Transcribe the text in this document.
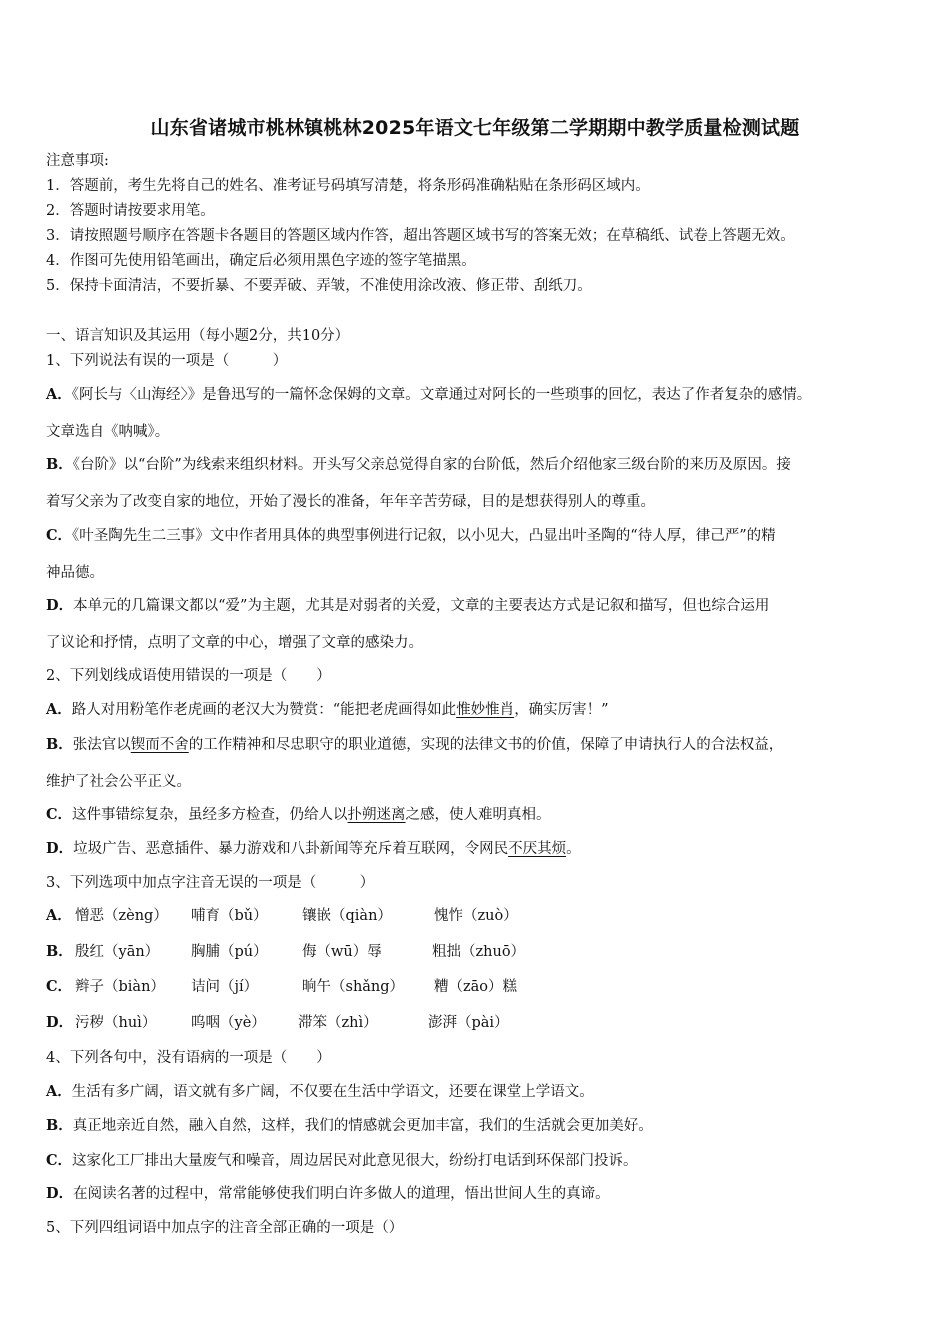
山东省诸城市桃林镇桃林2025年语文七年级第二学期期中教学质量检测试题
注意事项:
1．答题前，考生先将自己的姓名、准考证号码填写清楚，将条形码准确粘贴在条形码区域内。
2．答题时请按要求用笔。
3．请按照题号顺序在答题卡各题目的答题区域内作答，超出答题区域书写的答案无效；在草稿纸、试卷上答题无效。
4．作图可先使用铅笔画出，确定后必须用黑色字迹的签字笔描黑。
5．保持卡面清洁，不要折暴、不要弄破、弄皱，不准使用涂改液、修正带、刮纸刀。
一、语言知识及其运用（每小题2分，共10分）
1、下列说法有误的一项是（　　　）
A．《阿长与〈山海经〉》是鲁迅写的一篇怀念保姆的文章。文章通过对阿长的一些琐事的回忆，表达了作者复杂的感情。
文章选自《呐喊》。
B．《台阶》以“台阶”为线索来组织材料。开头写父亲总觉得自家的台阶低，然后介绍他家三级台阶的来历及原因。接
着写父亲为了改变自家的地位，开始了漫长的准备，年年辛苦劳碌，目的是想获得别人的尊重。
C．《叶圣陶先生二三事》文中作者用具体的典型事例进行记叙，以小见大，凸显出叶圣陶的“待人厚，律己严”的精
神品德。
D．本单元的几篇课文都以“爱”为主题，尤其是对弱者的关爱，文章的主要表达方式是记叙和描写，但也综合运用
了议论和抒情，点明了文章的中心，增强了文章的感染力。
2、下列划线成语使用错误的一项是（　　）
A．路人对用粉笔作老虎画的老汉大为赞赏：“能把老虎画得如此惟妙惟肖，确实厉害！”
B．张法官以锲而不舍的工作精神和尽忠职守的职业道德，实现的法律文书的价值，保障了申请执行人的合法权益，
维护了社会公平正义。
C．这件事错综复杂，虽经多方检查，仍给人以扑朔迷离之感，使人难明真相。
D．垃圾广告、恶意插件、暴力游戏和八卦新闻等充斥着互联网，令网民不厌其烦。
3、下列选项中加点字注音无误的一项是（　　　）
A． 憎恶（zèng） 哺育（bǔ） 镶嵌（qiàn）	愧怍（zuò）
B． 殷红（yān） 胸脯（pú） 侮（wū）辱	粗拙（zhuō）
C． 辫子（biàn） 诘问（jí）	晌午（shǎng） 糟（zāo）糕
D． 污秽（huì） 呜咽（yè） 滞笨（zhì）	澎湃（pài）
4、下列各句中，没有语病的一项是（　　）
A．生活有多广阔，语文就有多广阔，不仅要在生活中学语文，还要在课堂上学语文。
B．真正地亲近自然，融入自然，这样，我们的情感就会更加丰富，我们的生活就会更加美好。
C．这家化工厂排出大量废气和噪音，周边居民对此意见很大，纷纷打电话到环保部门投诉。
D．在阅读名著的过程中，常常能够使我们明白许多做人的道理，悟出世间人生的真谛。
5、下列四组词语中加点字的注音全部正确的一项是（）
